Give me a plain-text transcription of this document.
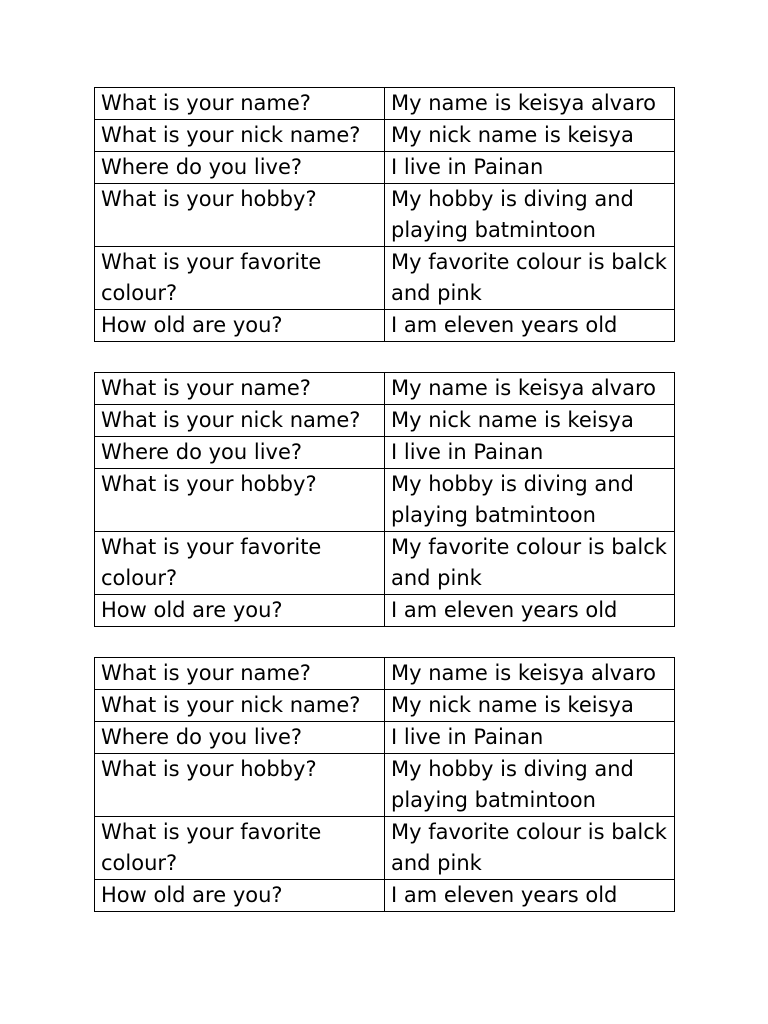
What is your name?	My name is keisya alvaro
What is your nick name?	My nick name is keisya
Where do you live?	I live in Painan
What is your hobby?	My hobby is diving and playing batmintoon
What is your favorite colour?	My favorite colour is balck and pink
How old are you?	I am eleven years old
What is your name?	My name is keisya alvaro
What is your nick name?	My nick name is keisya
Where do you live?	I live in Painan
What is your hobby?	My hobby is diving and playing batmintoon
What is your favorite colour?	My favorite colour is balck and pink
How old are you?	I am eleven years old
What is your name?	My name is keisya alvaro
What is your nick name?	My nick name is keisya
Where do you live?	I live in Painan
What is your hobby?	My hobby is diving and playing batmintoon
What is your favorite colour?	My favorite colour is balck and pink
How old are you?	I am eleven years old
